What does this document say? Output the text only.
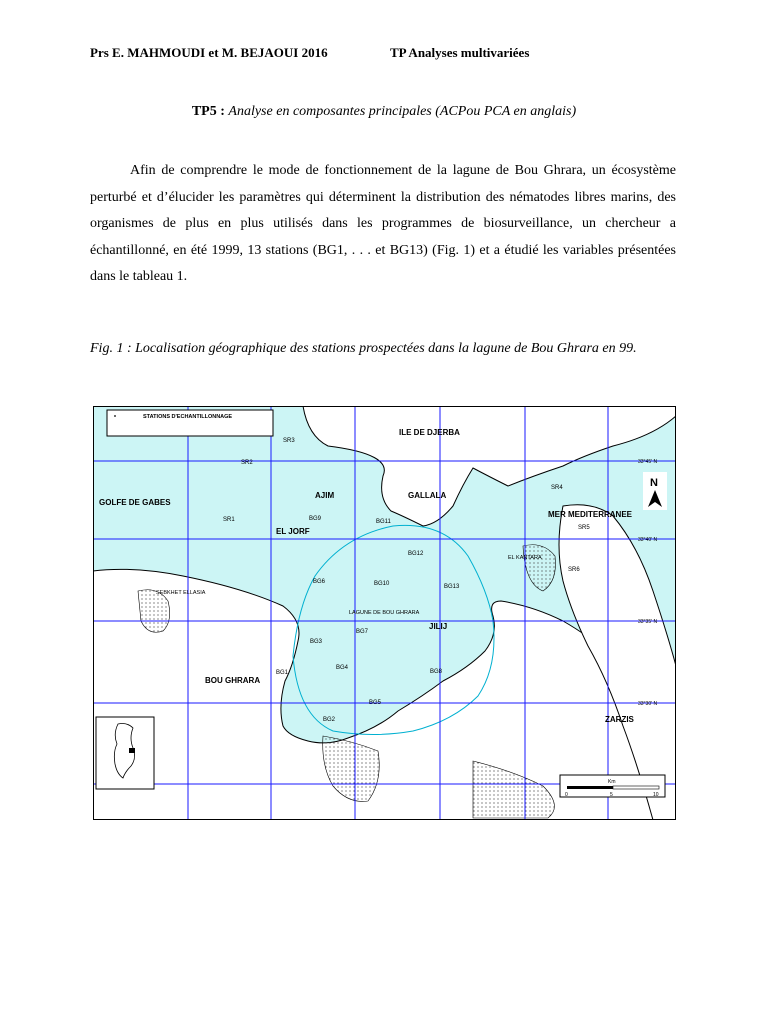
Prs E. MAHMOUDI et M. BEJAOUI 2016	TP Analyses multivariées
TP5 : Analyse en composantes principales (ACPou PCA en anglais)
Afin de comprendre le mode de fonctionnement de la lagune de Bou Ghrara, un écosystème perturbé et d’élucider les paramètres qui déterminent la distribution des nématodes libres marins, des organismes de plus en plus utilisés dans les programmes de biosurveillance, un chercheur a échantillonné, en été 1999, 13 stations (BG1, . . . et BG13) (Fig. 1) et a étudié les variables présentées dans le tableau 1.
Fig. 1 : Localisation géographique des stations prospectées dans la lagune de Bou Ghrara en 99.
STATIONS D'ECHANTILLONNAGE
ILE DE DJERBA
GOLFE DE GABES
AJIM	GALLALA
MER MEDITERRANEE
EL JORF
BOU GHRARA
JILIJ
ZARZIS
EL KANTARA
SEBKHET ELLASIA
LAGUNE DE BOU GHRARA
SR1
SR2
SR3
SR4
SR5
SR6
BG1
BG2
BG3
BG4
BG5
BG6
BG7
BG8
BG9
BG10
BG11
BG12
BG13
33°45' N
33°40' N
33°35' N
33°30' N
N
Km
0	5	10
